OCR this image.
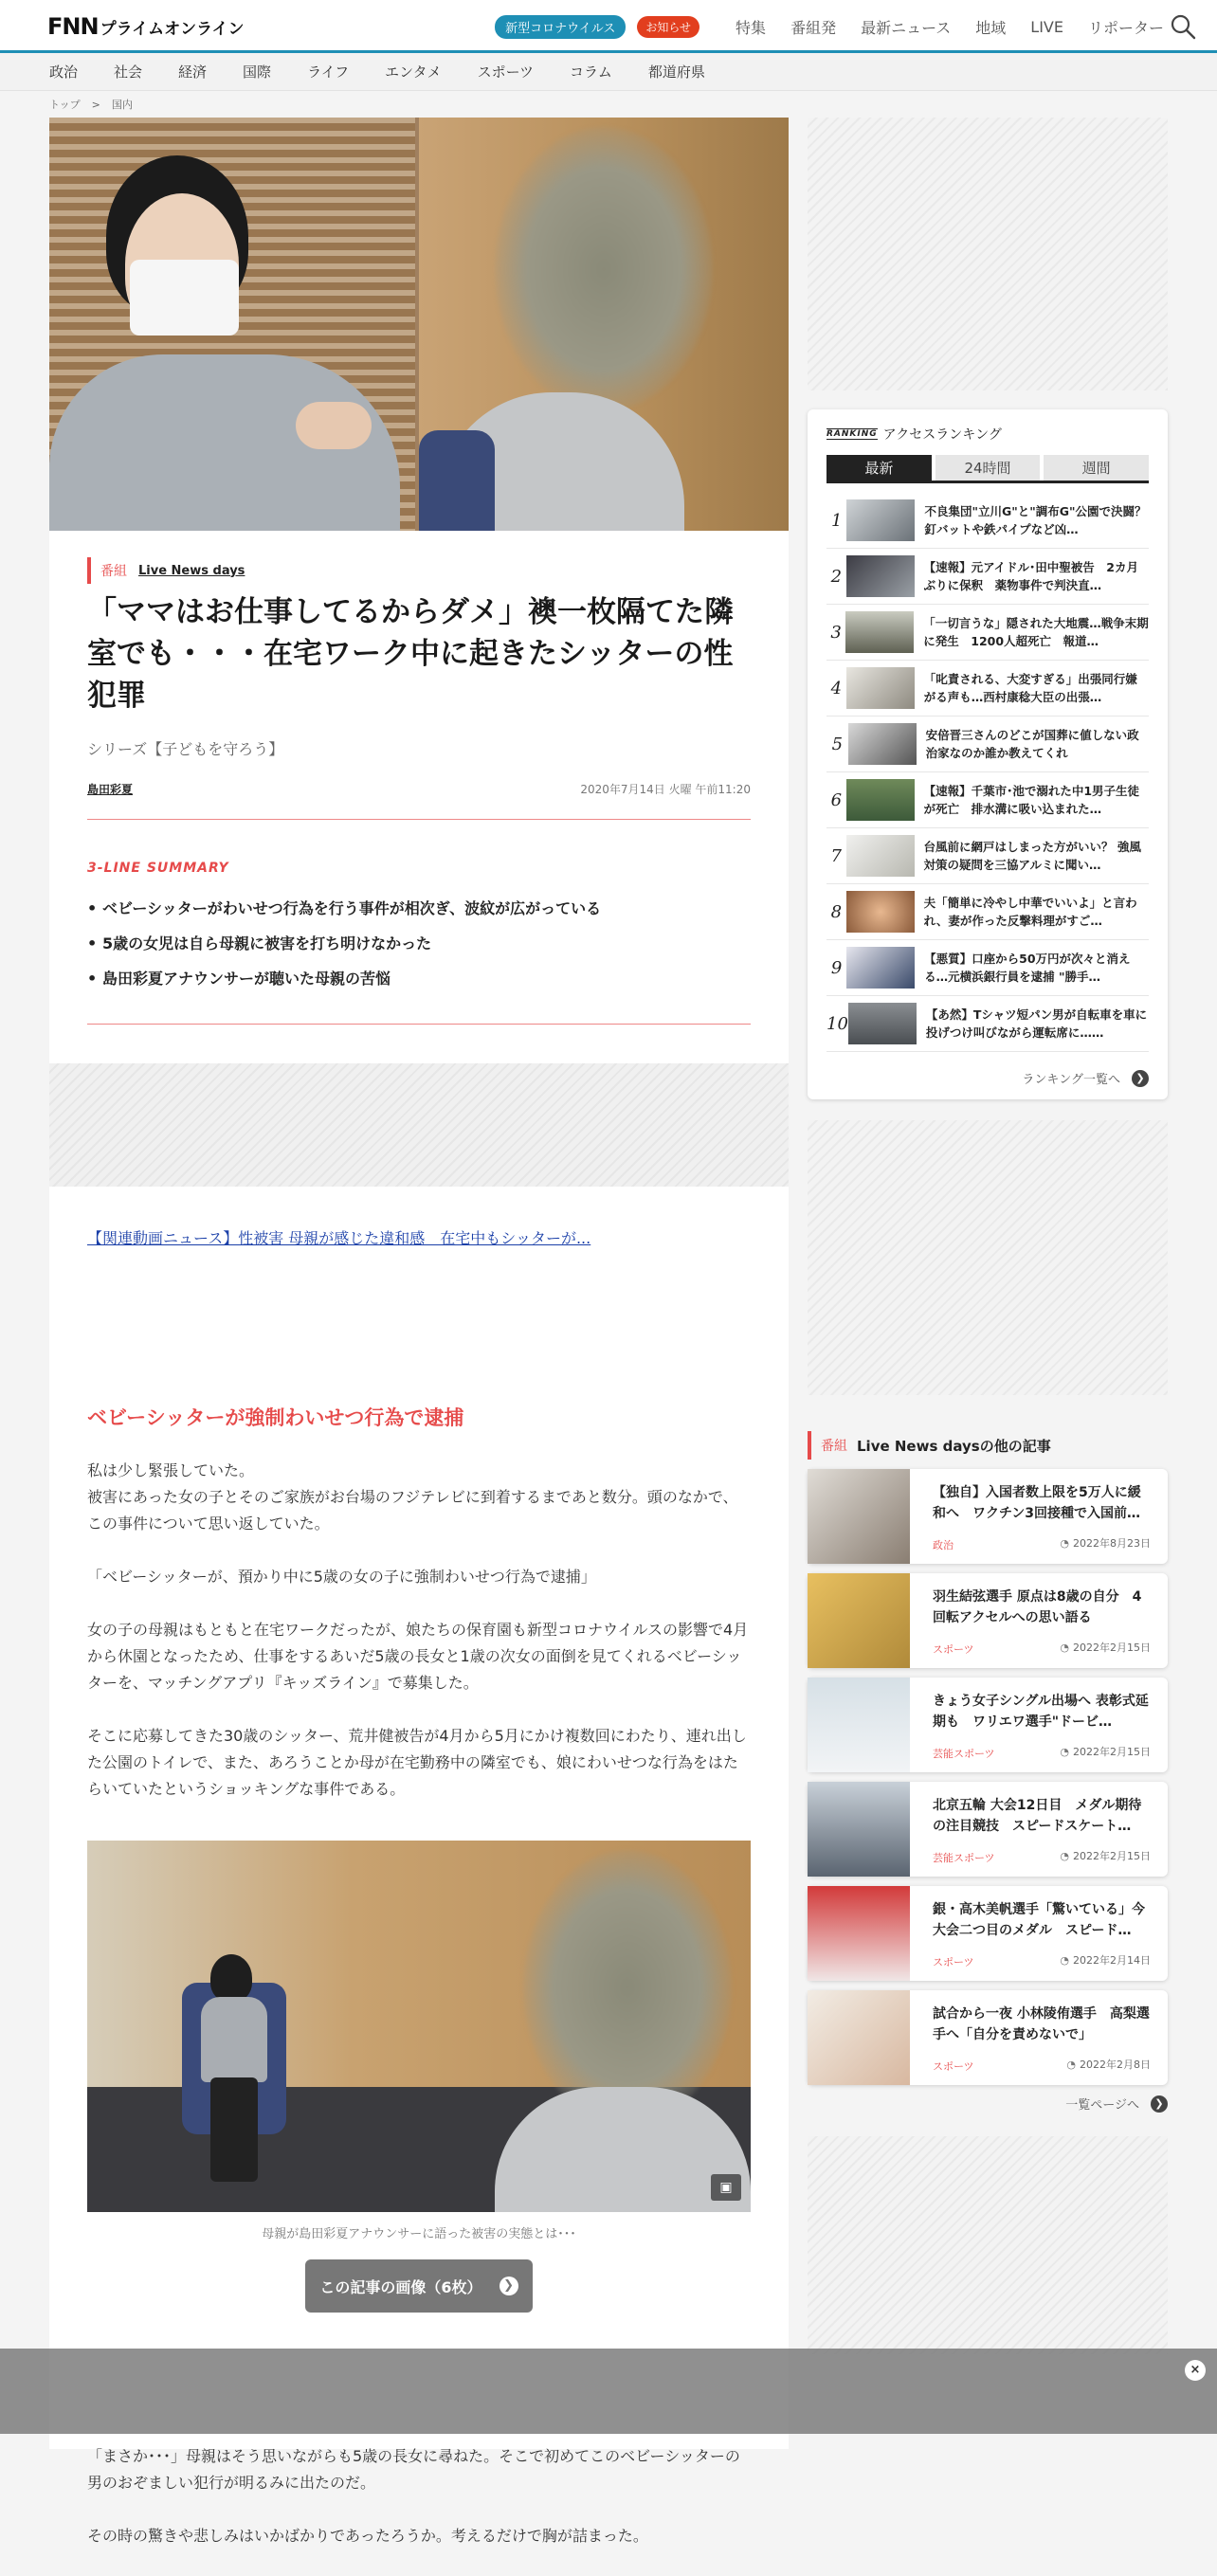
FNN プライムオンライン	新型コロナウイルス	お知らせ	特集 番組発 最新ニュース 地域 LIVE リポーター
政治	社会	経済	国際	ライフ	エンタメ	スポーツ	コラム	都道府県
トップ > 国内
番組 Live News days
「ママはお仕事してるからダメ」襖一枚隔てた隣室でも・・・在宅ワーク中に起きたシッターの性犯罪
シリーズ【子どもを守ろう】
島田彩夏	2020年7月14日 火曜 午前11:20
3-LINE SUMMARY
• ベビーシッターがわいせつ行為を行う事件が相次ぎ、波紋が広がっている
• 5歳の女児は自ら母親に被害を打ち明けなかった
• 島田彩夏アナウンサーが聴いた母親の苦悩
【関連動画ニュース】性被害 母親が感じた違和感　在宅中もシッターが...
ベビーシッターが強制わいせつ行為で逮捕

私は少し緊張していた。
被害にあった女の子とそのご家族がお台場のフジテレビに到着するまであと数分。頭のなかで、この事件について思い返していた。

「ベビーシッターが、預かり中に5歳の女の子に強制わいせつ行為で逮捕」

女の子の母親はもともと在宅ワークだったが、娘たちの保育園も新型コロナウイルスの影響で4月から休園となったため、仕事をするあいだ5歳の長女と1歳の次女の面倒を見てくれるベビーシッターを、マッチングアプリ『キッズライン』で募集した。

そこに応募してきた30歳のシッター、荒井健被告が4月から5月にかけ複数回にわたり、連れ出した公園のトイレで、また、あろうことか母が在宅勤務中の隣室でも、娘にわいせつな行為をはたらいていたというショッキングな事件である。

▣
母親が島田彩夏アナウンサーに語った被害の実態とは･･･
この記事の画像（6枚）	❯

「まさか･･･」母親はそう思いながらも5歳の長女に尋ねた。そこで初めてこのベビーシッターの男のおぞましい犯行が明るみに出たのだ。

その時の驚きや悲しみはいかばかりであったろうか。考えるだけで胸が詰まった。

RANKING アクセスランキング
最新	24時間	週間
1	不良集団"立川G"と"調布G"公園で決闘？釘バットや鉄パイプなど凶…
2	【速報】元アイドル･田中聖被告　2カ月ぶりに保釈　薬物事件で判決直…
3	「一切言うな」隠された大地震…戦争末期に発生　1200人超死亡　報道…
4	「叱責される、大変すぎる」出張同行嫌がる声も…西村康稔大臣の出張…
5	安倍晋三さんのどこが国葬に値しない政治家なのか誰か教えてくれ
6	【速報】千葉市･池で溺れた中1男子生徒が死亡　排水溝に吸い込まれた…
7	台風前に網戸はしまった方がいい？ 強風対策の疑問を三協アルミに聞い…
8	夫「簡単に冷やし中華でいいよ」と言われ、妻が作った反撃料理がすご…
9	【悪質】口座から50万円が次々と消える…元横浜銀行員を逮捕 "勝手…
10	【あ然】Tシャツ短パン男が自転車を車に投げつけ叫びながら運転席に……
ランキング一覧へ	❯
番組 Live News daysの他の記事
【独自】入国者数上限を5万人に緩和へ　ワクチン3回接種で入国前…
政治	◔ 2022年8月23日
羽生結弦選手 原点は8歳の自分　4回転アクセルへの思い語る
スポーツ	◔ 2022年2月15日
きょう女子シングル出場へ 表彰式延期も　ワリエワ選手"ドービ…
芸能スポーツ	◔ 2022年2月15日
北京五輪 大会12日目　メダル期待の注目競技　スピードスケート…
芸能スポーツ	◔ 2022年2月15日
銀・高木美帆選手「驚いている」今大会二つ目のメダル　スピード…
スポーツ	◔ 2022年2月14日
試合から一夜 小林陵侑選手　高梨選手へ「自分を責めないで」
スポーツ	◔ 2022年2月8日
一覧ページへ	❯
×
